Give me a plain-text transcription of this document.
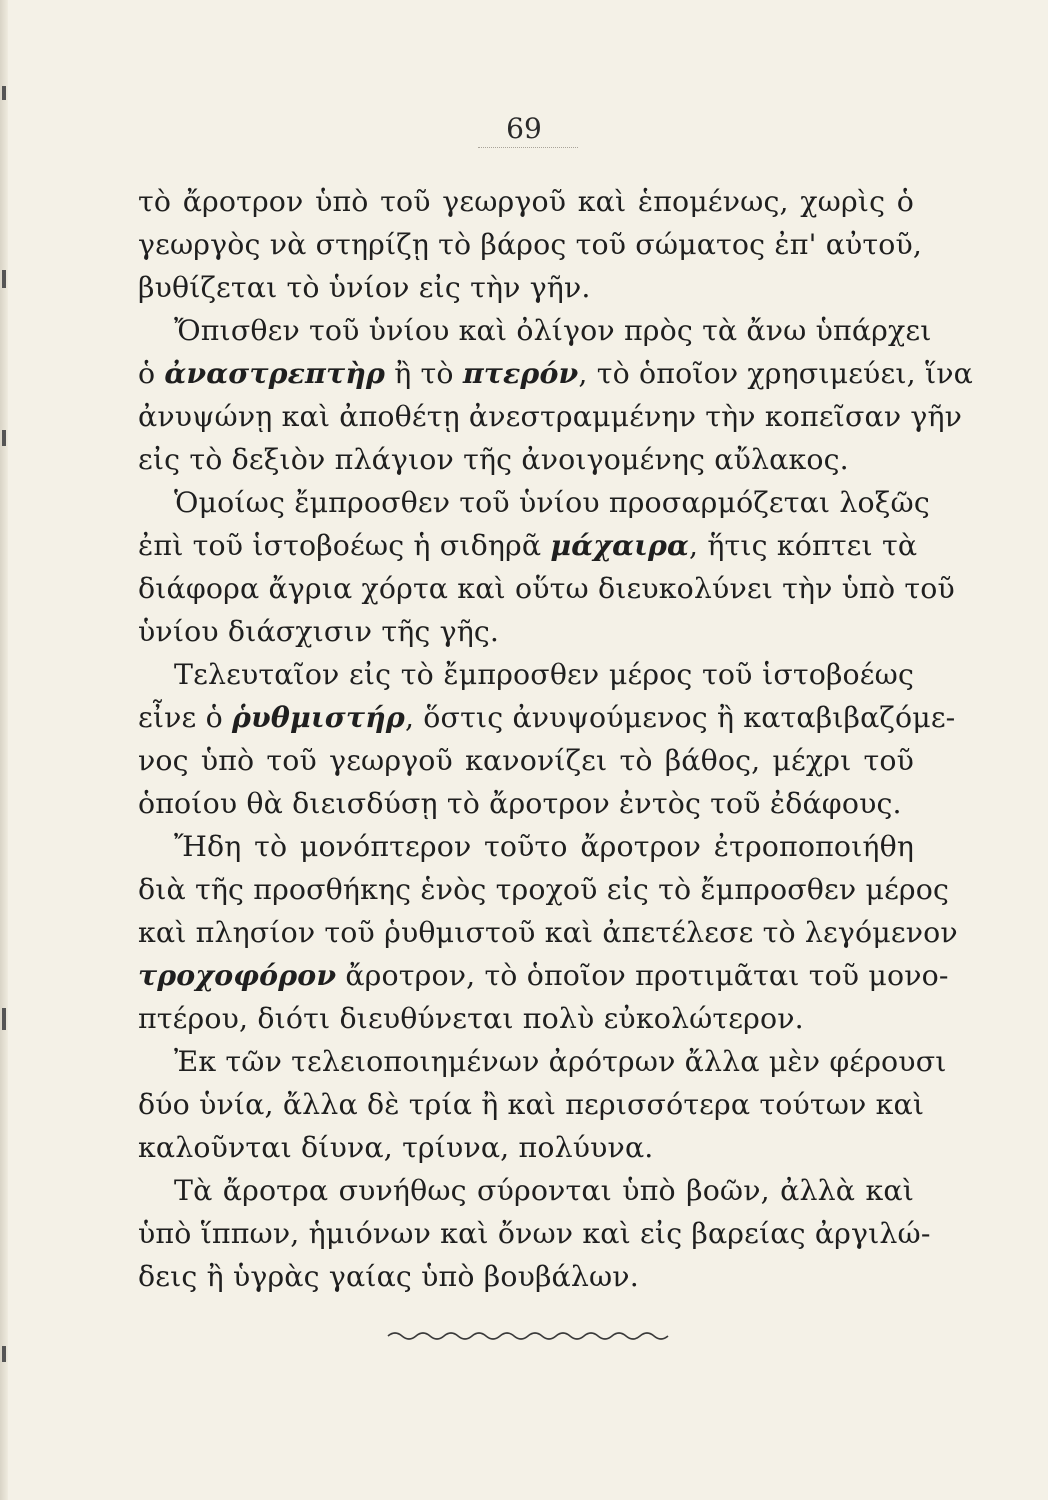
69
τὸ ἄροτρον ὑπὸ τοῦ γεωργοῦ καὶ ἑπομένως, χωρὶς ὁ
γεωργὸς νὰ στηρίζῃ τὸ βάρος τοῦ σώματος ἐπ' αὐτοῦ,
βυθίζεται τὸ ὑνίον εἰς τὴν γῆν.
Ὄπισθεν τοῦ ὑνίου καὶ ὀλίγον πρὸς τὰ ἄνω ὑπάρχει
ὁ ἀναστρεπτὴρ ἢ τὸ πτερόν, τὸ ὁποῖον χρησιμεύει, ἵνα
ἀνυψώνῃ καὶ ἀποθέτῃ ἀνεστραμμένην τὴν κοπεῖσαν γῆν
εἰς τὸ δεξιὸν πλάγιον τῆς ἀνοιγομένης αὔλακος.
Ὁμοίως ἔμπροσθεν τοῦ ὑνίου προσαρμόζεται λοξῶς
ἐπὶ τοῦ ἱστοβοέως ἡ σιδηρᾶ μάχαιρα, ἥτις κόπτει τὰ
διάφορα ἄγρια χόρτα καὶ οὕτω διευκολύνει τὴν ὑπὸ τοῦ
ὑνίου διάσχισιν τῆς γῆς.
Τελευταῖον εἰς τὸ ἔμπροσθεν μέρος τοῦ ἱστοβοέως
εἶνε ὁ ῥυθμιστήρ, ὅστις ἀνυψούμενος ἢ καταβιβαζόμε-
νος ὑπὸ τοῦ γεωργοῦ κανονίζει τὸ βάθος, μέχρι τοῦ
ὁποίου θὰ διεισδύσῃ τὸ ἄροτρον ἐντὸς τοῦ ἐδάφους.
Ἤδη τὸ μονόπτερον τοῦτο ἄροτρον ἐτροποποιήθη
διὰ τῆς προσθήκης ἑνὸς τροχοῦ εἰς τὸ ἔμπροσθεν μέρος
καὶ πλησίον τοῦ ῥυθμιστοῦ καὶ ἀπετέλεσε τὸ λεγόμενον
τροχοφόρον ἄροτρον, τὸ ὁποῖον προτιμᾶται τοῦ μονο-
πτέρου, διότι διευθύνεται πολὺ εὐκολώτερον.
Ἐκ τῶν τελειοποιημένων ἀρότρων ἄλλα μὲν φέρουσι
δύο ὑνία, ἄλλα δὲ τρία ἢ καὶ περισσότερα τούτων καὶ
καλοῦνται δίυνα, τρίυνα, πολύυνα.
Τὰ ἄροτρα συνήθως σύρονται ὑπὸ βοῶν, ἀλλὰ καὶ
ὑπὸ ἵππων, ἡμιόνων καὶ ὄνων καὶ εἰς βαρείας ἀργιλώ-
δεις ἢ ὑγρὰς γαίας ὑπὸ βουβάλων.
